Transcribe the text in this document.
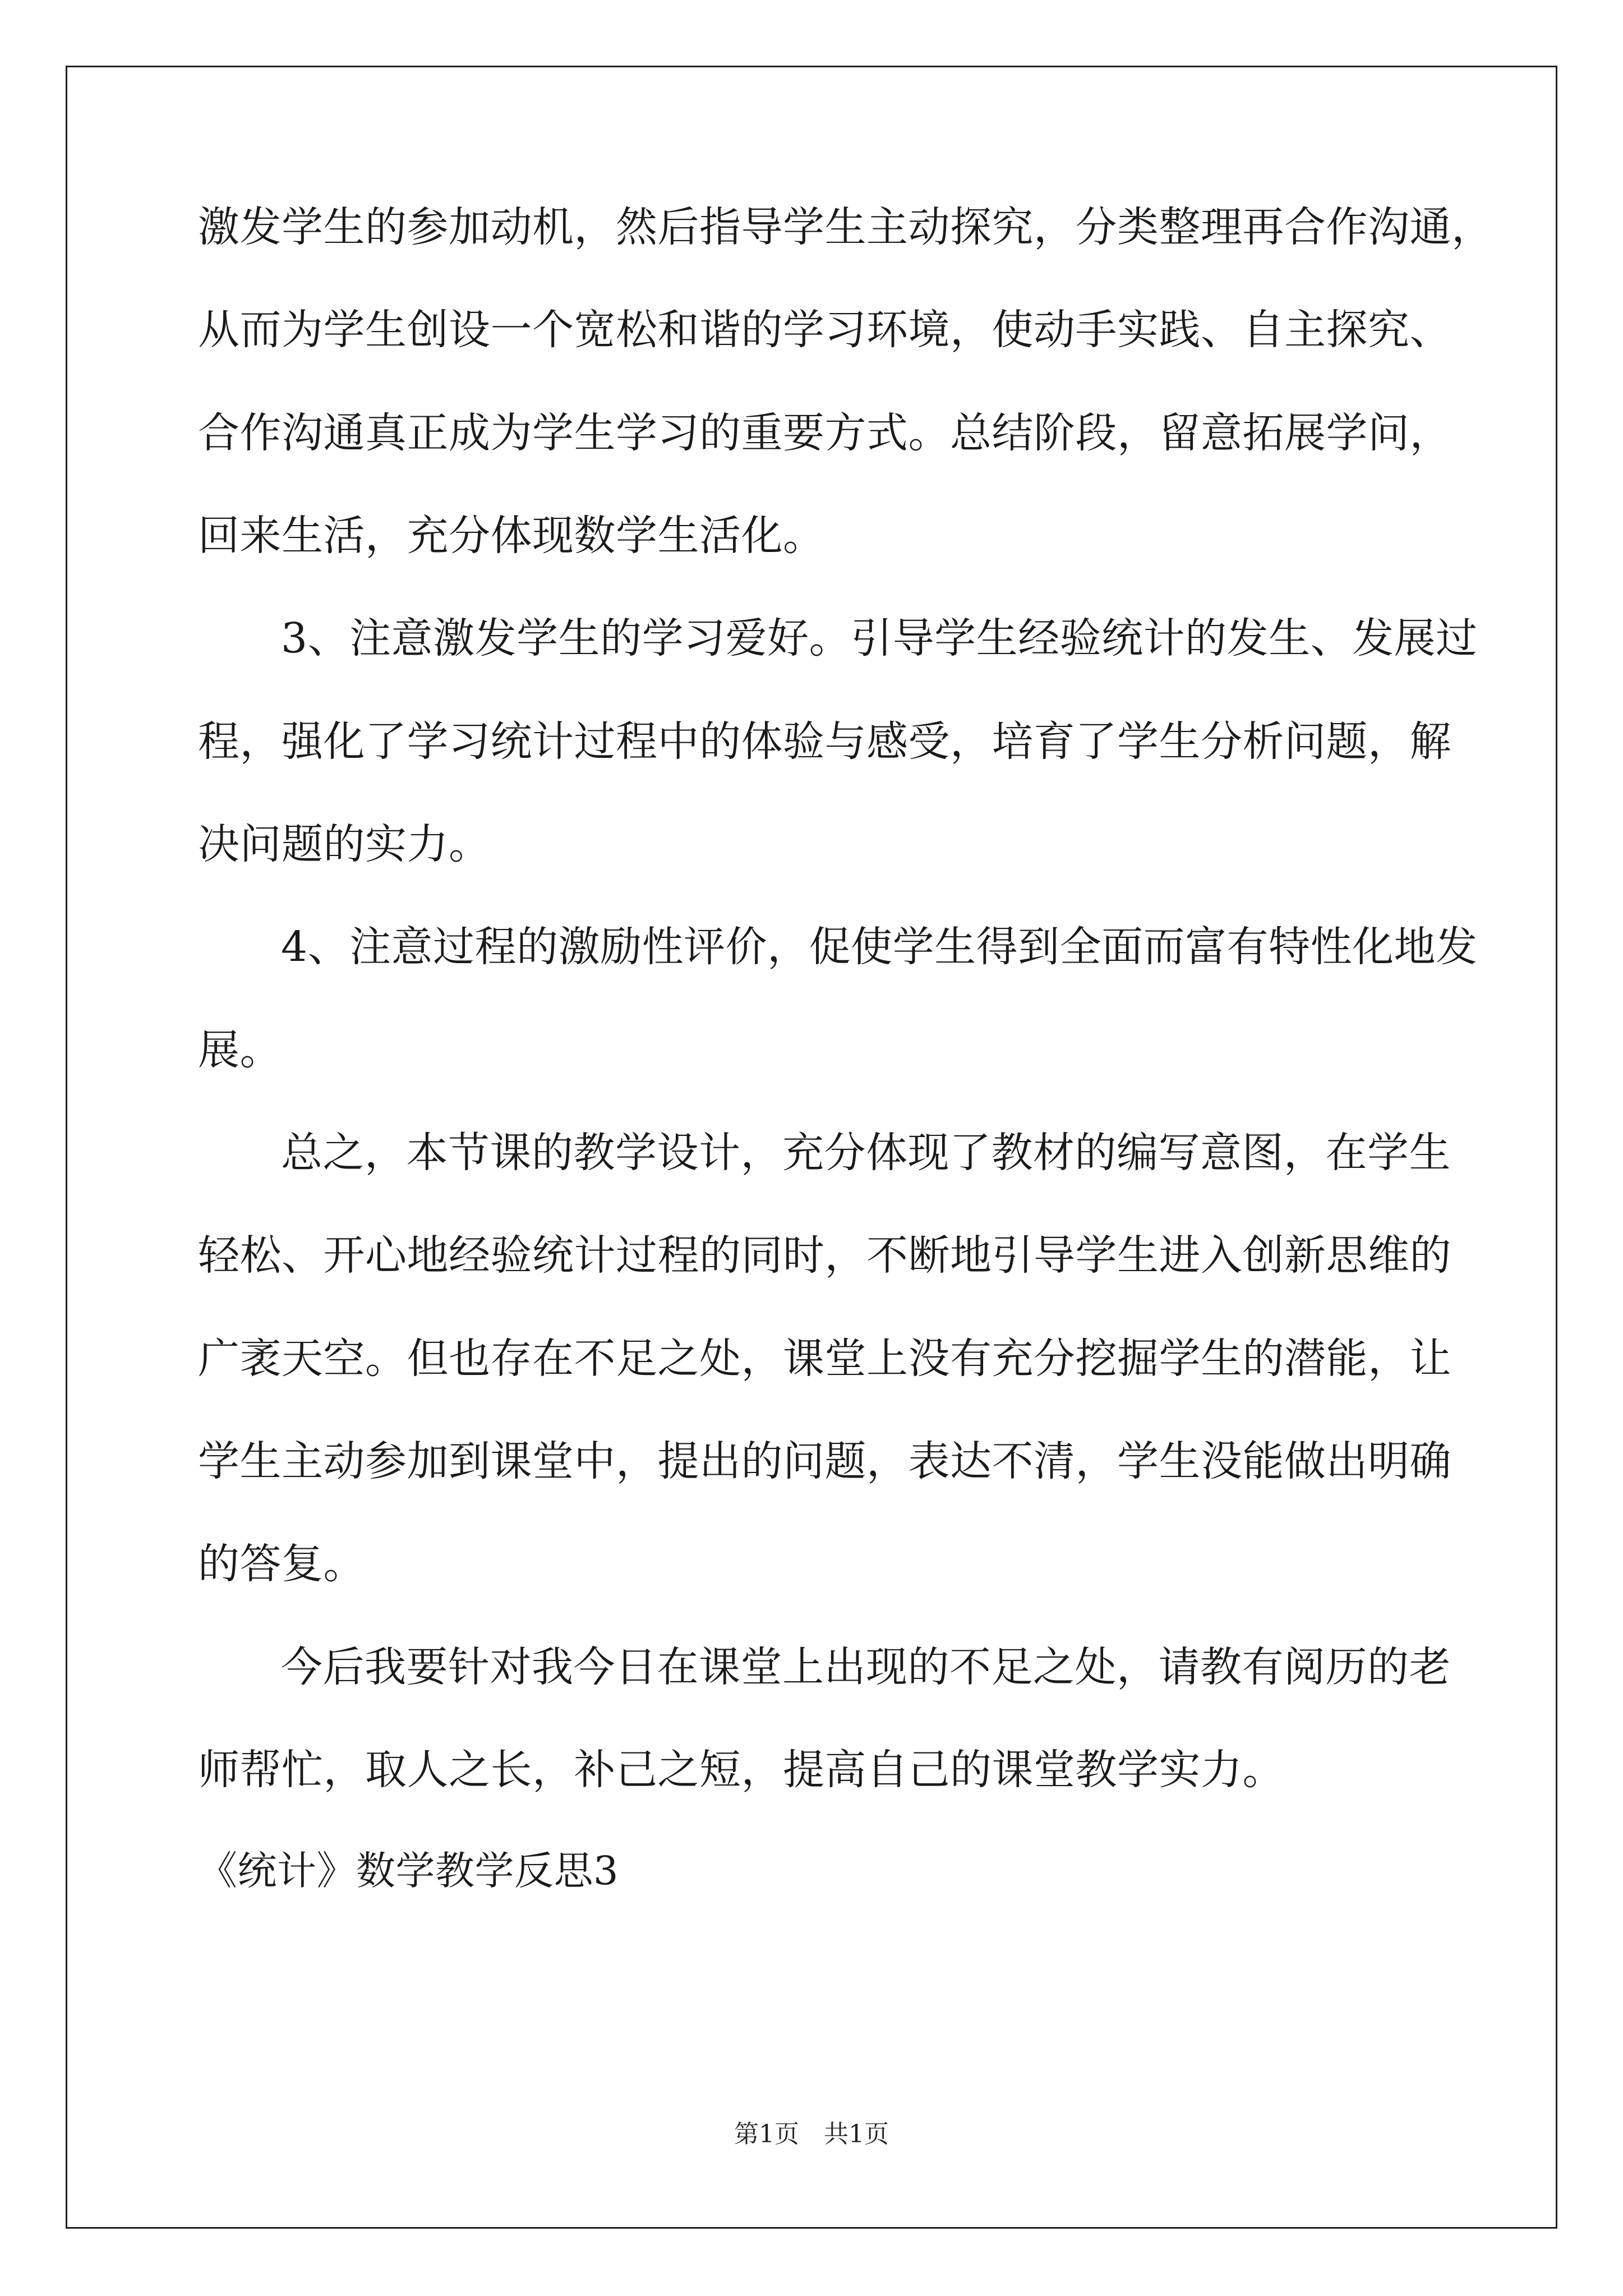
激发学生的参加动机，然后指导学生主动探究，分类整理再合作沟通，
从而为学生创设一个宽松和谐的学习环境，使动手实践、自主探究、
合作沟通真正成为学生学习的重要方式。总结阶段，留意拓展学问，
回来生活，充分体现数学生活化。
3、注意激发学生的学习爱好。引导学生经验统计的发生、发展过
程，强化了学习统计过程中的体验与感受，培育了学生分析问题，解
决问题的实力。
4、注意过程的激励性评价，促使学生得到全面而富有特性化地发
展。
总之，本节课的教学设计，充分体现了教材的编写意图，在学生
轻松、开心地经验统计过程的同时，不断地引导学生进入创新思维的
广袤天空。但也存在不足之处，课堂上没有充分挖掘学生的潜能，让
学生主动参加到课堂中，提出的问题，表达不清，学生没能做出明确
的答复。
今后我要针对我今日在课堂上出现的不足之处，请教有阅历的老
师帮忙，取人之长，补己之短，提高自己的课堂教学实力。
《统计》数学教学反思3
第1页　共1页
